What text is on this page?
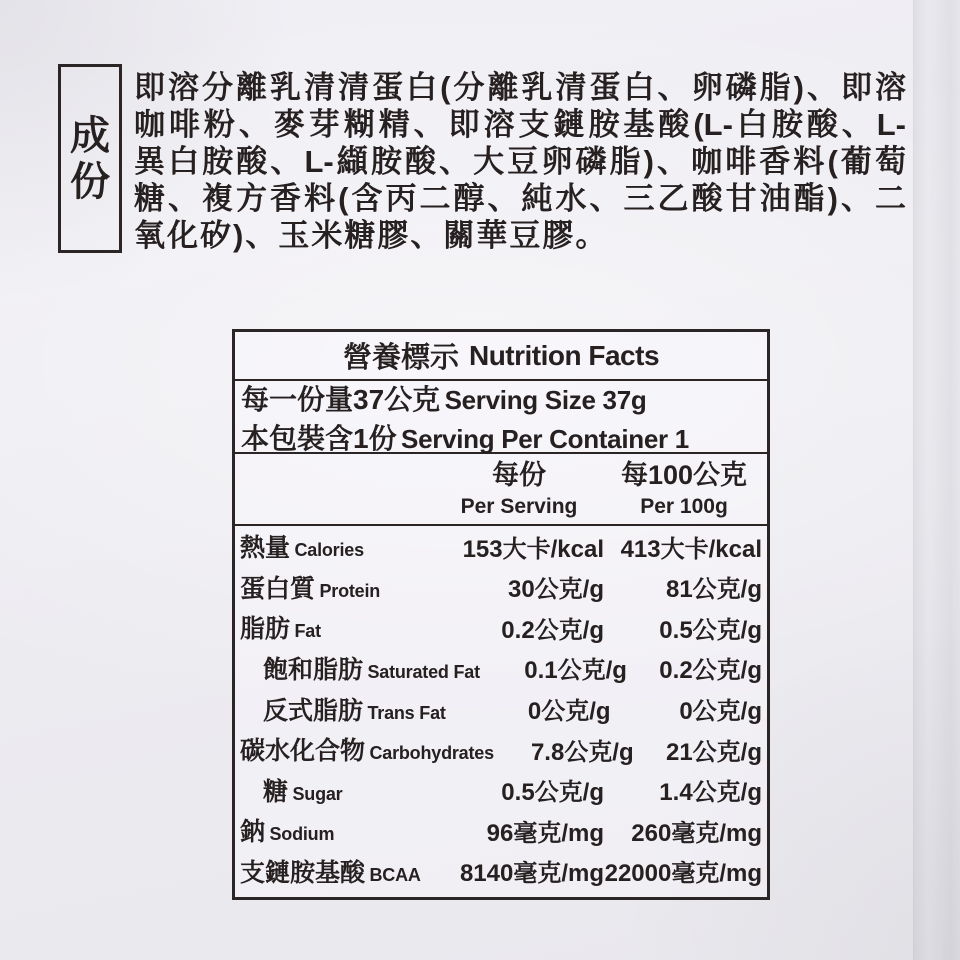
成
份
即溶分離乳清清蛋白(分離乳清蛋白、卵磷脂)、即溶
咖啡粉、麥芽糊精、即溶支鏈胺基酸(L-白胺酸、L-
異白胺酸、L-纈胺酸、大豆卵磷脂)、咖啡香料(葡萄
糖、複方香料(含丙二醇、純水、三乙酸甘油酯)、二
氧化矽)、玉米糖膠、關華豆膠。
營養標示 Nutrition Facts
每一份量37公克 Serving Size 37g
本包裝含1份 Serving Per Container 1
每份
Per Serving
每100公克
Per 100g
熱量 Calories	153大卡/kcal 413大卡/kcal
蛋白質 Protein	30公克/g	81公克/g
脂肪 Fat	0.2公克/g	0.5公克/g
飽和脂肪 Saturated Fat	0.1公克/g	0.2公克/g
反式脂肪 Trans Fat	0公克/g	0公克/g
碳水化合物 Carbohydrates	7.8公克/g	21公克/g
糖 Sugar	0.5公克/g	1.4公克/g
鈉 Sodium	96毫克/mg	260毫克/mg
支鏈胺基酸 BCAA	8140毫克/mg 22000毫克/mg
